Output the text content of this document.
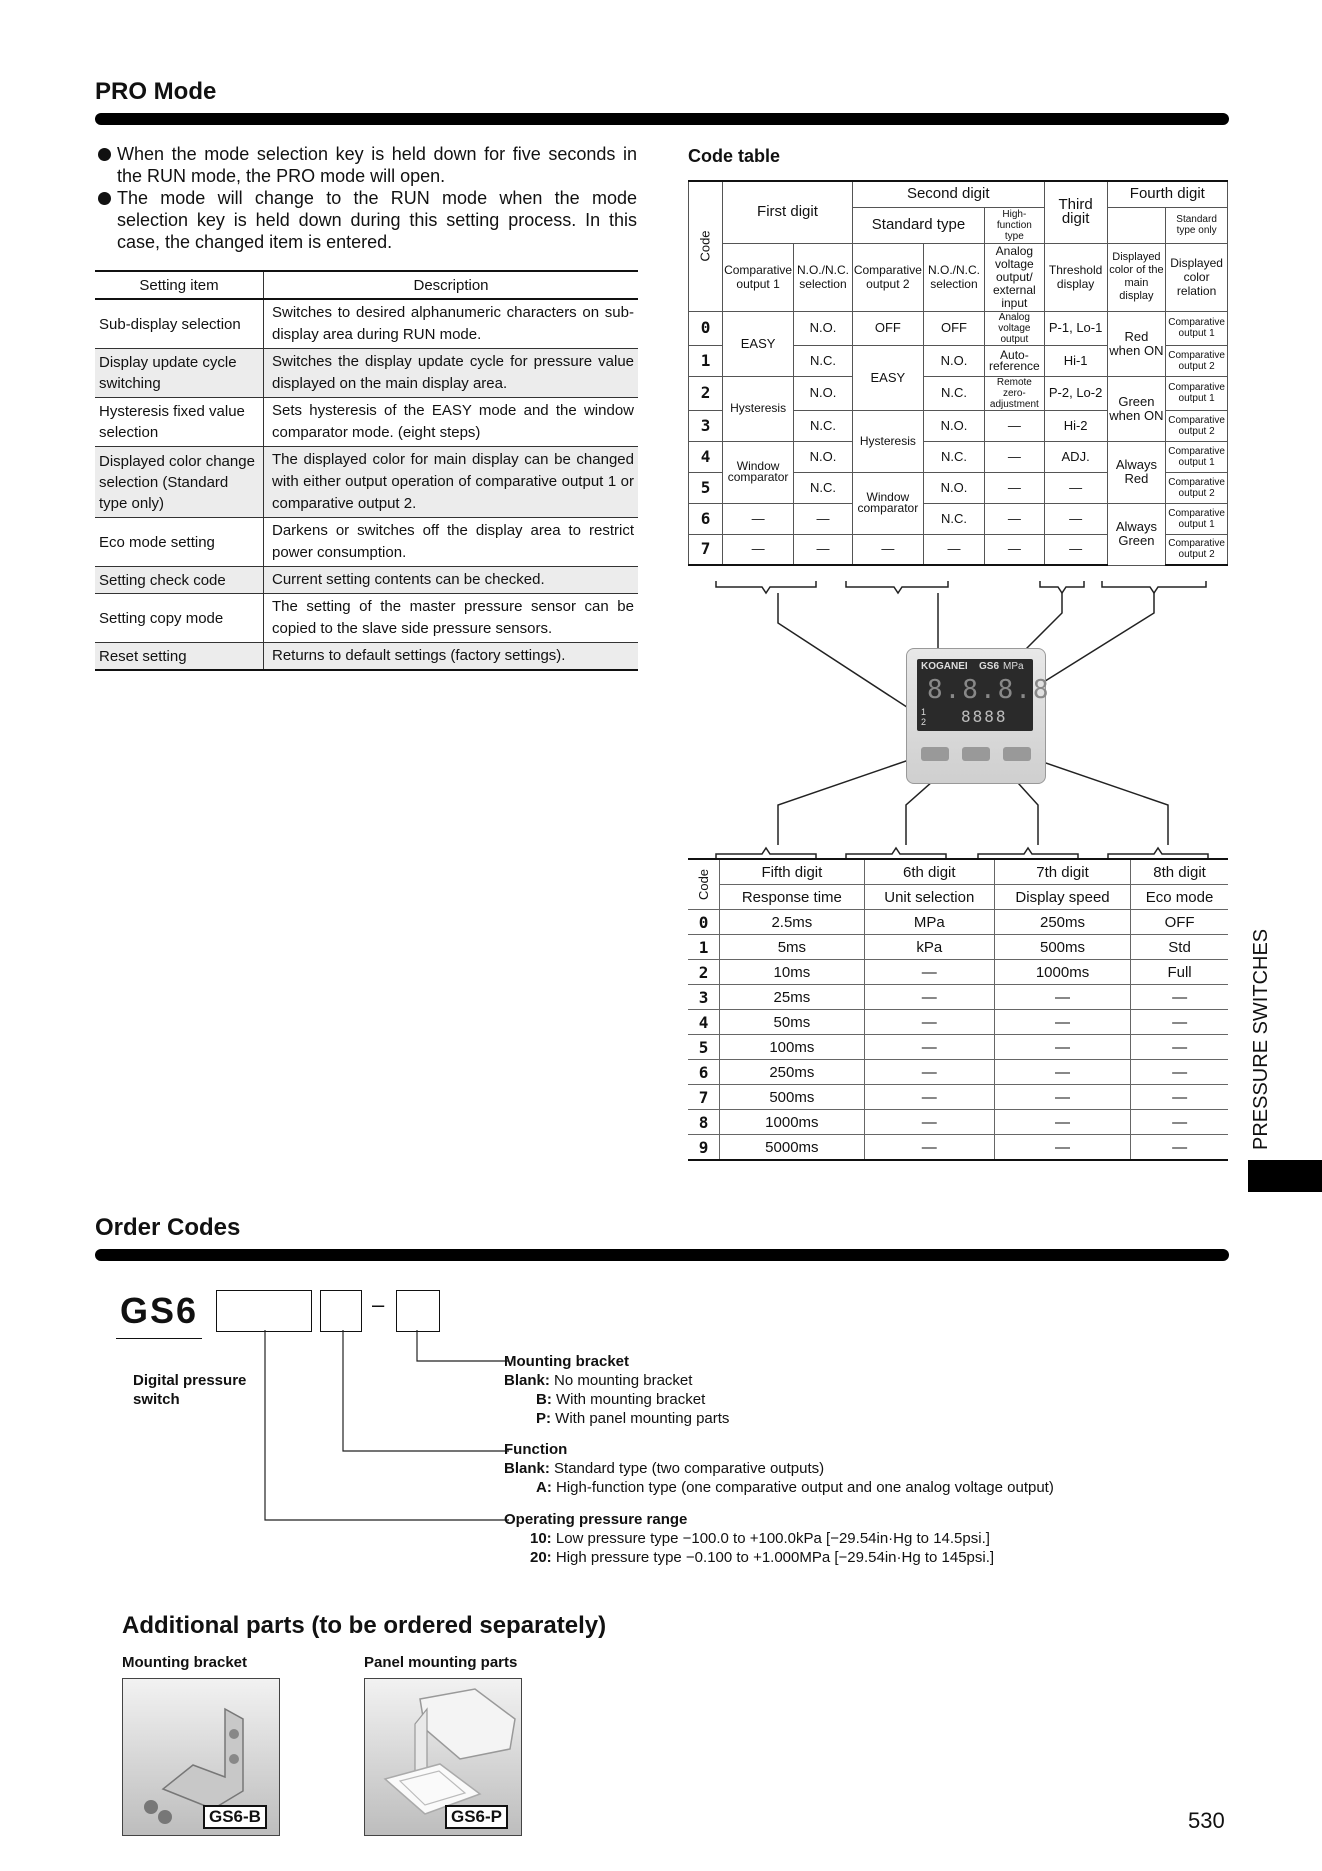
PRO Mode
When the mode selection key is held down for five seconds in the RUN mode, the PRO mode will open.
The mode will change to the RUN mode when the mode selection key is held down during this setting process. In this case, the changed item is entered.
Setting item	Description
Sub-display selection	Switches to desired alphanumeric characters on sub-display area during RUN mode.
Display update cycle switching	Switches the display update cycle for pressure value displayed on the main display area.
Hysteresis fixed value selection	Sets hysteresis of the EASY mode and the window comparator mode. (eight steps)
Displayed color change selection (Standard type only)	The displayed color for main display can be changed with either output operation of comparative output 1 or comparative output 2.
Eco mode setting	Darkens or switches off the display area to restrict power consumption.
Setting check code	Current setting contents can be checked.
Setting copy mode	The setting of the master pressure sensor can be copied to the slave side pressure sensors.
Reset setting	Returns to default settings (factory settings).
Code table
Code	First digit		Second digit			Third digit	Fourth digit	
			Standard type		High-function type			Standard type only
	Comparative output 1	N.O./N.C. selection	Comparative output 2	N.O./N.C. selection	Analog voltage output/ external input	Threshold display	Displayed color of the main display	Displayed color relation
0	EASY	N.O.	OFF	OFF	Analog voltage output	P-1, Lo-1	Red when ON	Comparative output 1
1		N.C.	EASY	N.O.	Auto-reference	Hi-1		Comparative output 2
2	Hysteresis	N.O.		N.C.	Remote zero-adjustment	P-2, Lo-2	Green when ON	Comparative output 1
3		N.C.	Hysteresis	N.O.	—	Hi-2		Comparative output 2
4	Window comparator	N.O.		N.C.	—	ADJ.	Always Red	Comparative output 1
5		N.C.	Window comparator	N.O.	—	—		Comparative output 2
6	—	—		N.C.	—	—	Always Green	Comparative output 1
7	—	—	—	—	—	—		Comparative output 2
KOGANEI GS6 MPa
8.8.8.8
1
2 8888
Code	Fifth digit	6th digit	7th digit	8th digit
	Response time	Unit selection	Display speed	Eco mode
0	2.5ms	MPa	250ms	OFF
1	5ms	kPa	500ms	Std
2	10ms	—	1000ms	Full
3	25ms	—	—	—
4	50ms	—	—	—
5	100ms	—	—	—
6	250ms	—	—	—
7	500ms	—	—	—
8	1000ms	—	—	—
9	5000ms	—	—	—	PRESSURE SWITCHES
Order Codes
GS6	–
Digital pressure switch
Mounting bracket
Blank: No mounting bracket
B: With mounting bracket
P: With panel mounting parts
Function
Blank: Standard type (two comparative outputs)
A: High-function type (one comparative output and one analog voltage output)
Operating pressure range
10: Low pressure type −100.0 to +100.0kPa [−29.54in·Hg to 14.5psi.]
20: High pressure type −0.100 to +1.000MPa [−29.54in·Hg to 145psi.]
Additional parts (to be ordered separately)
Mounting bracket
GS6-B
Panel mounting parts
GS6-P	530
